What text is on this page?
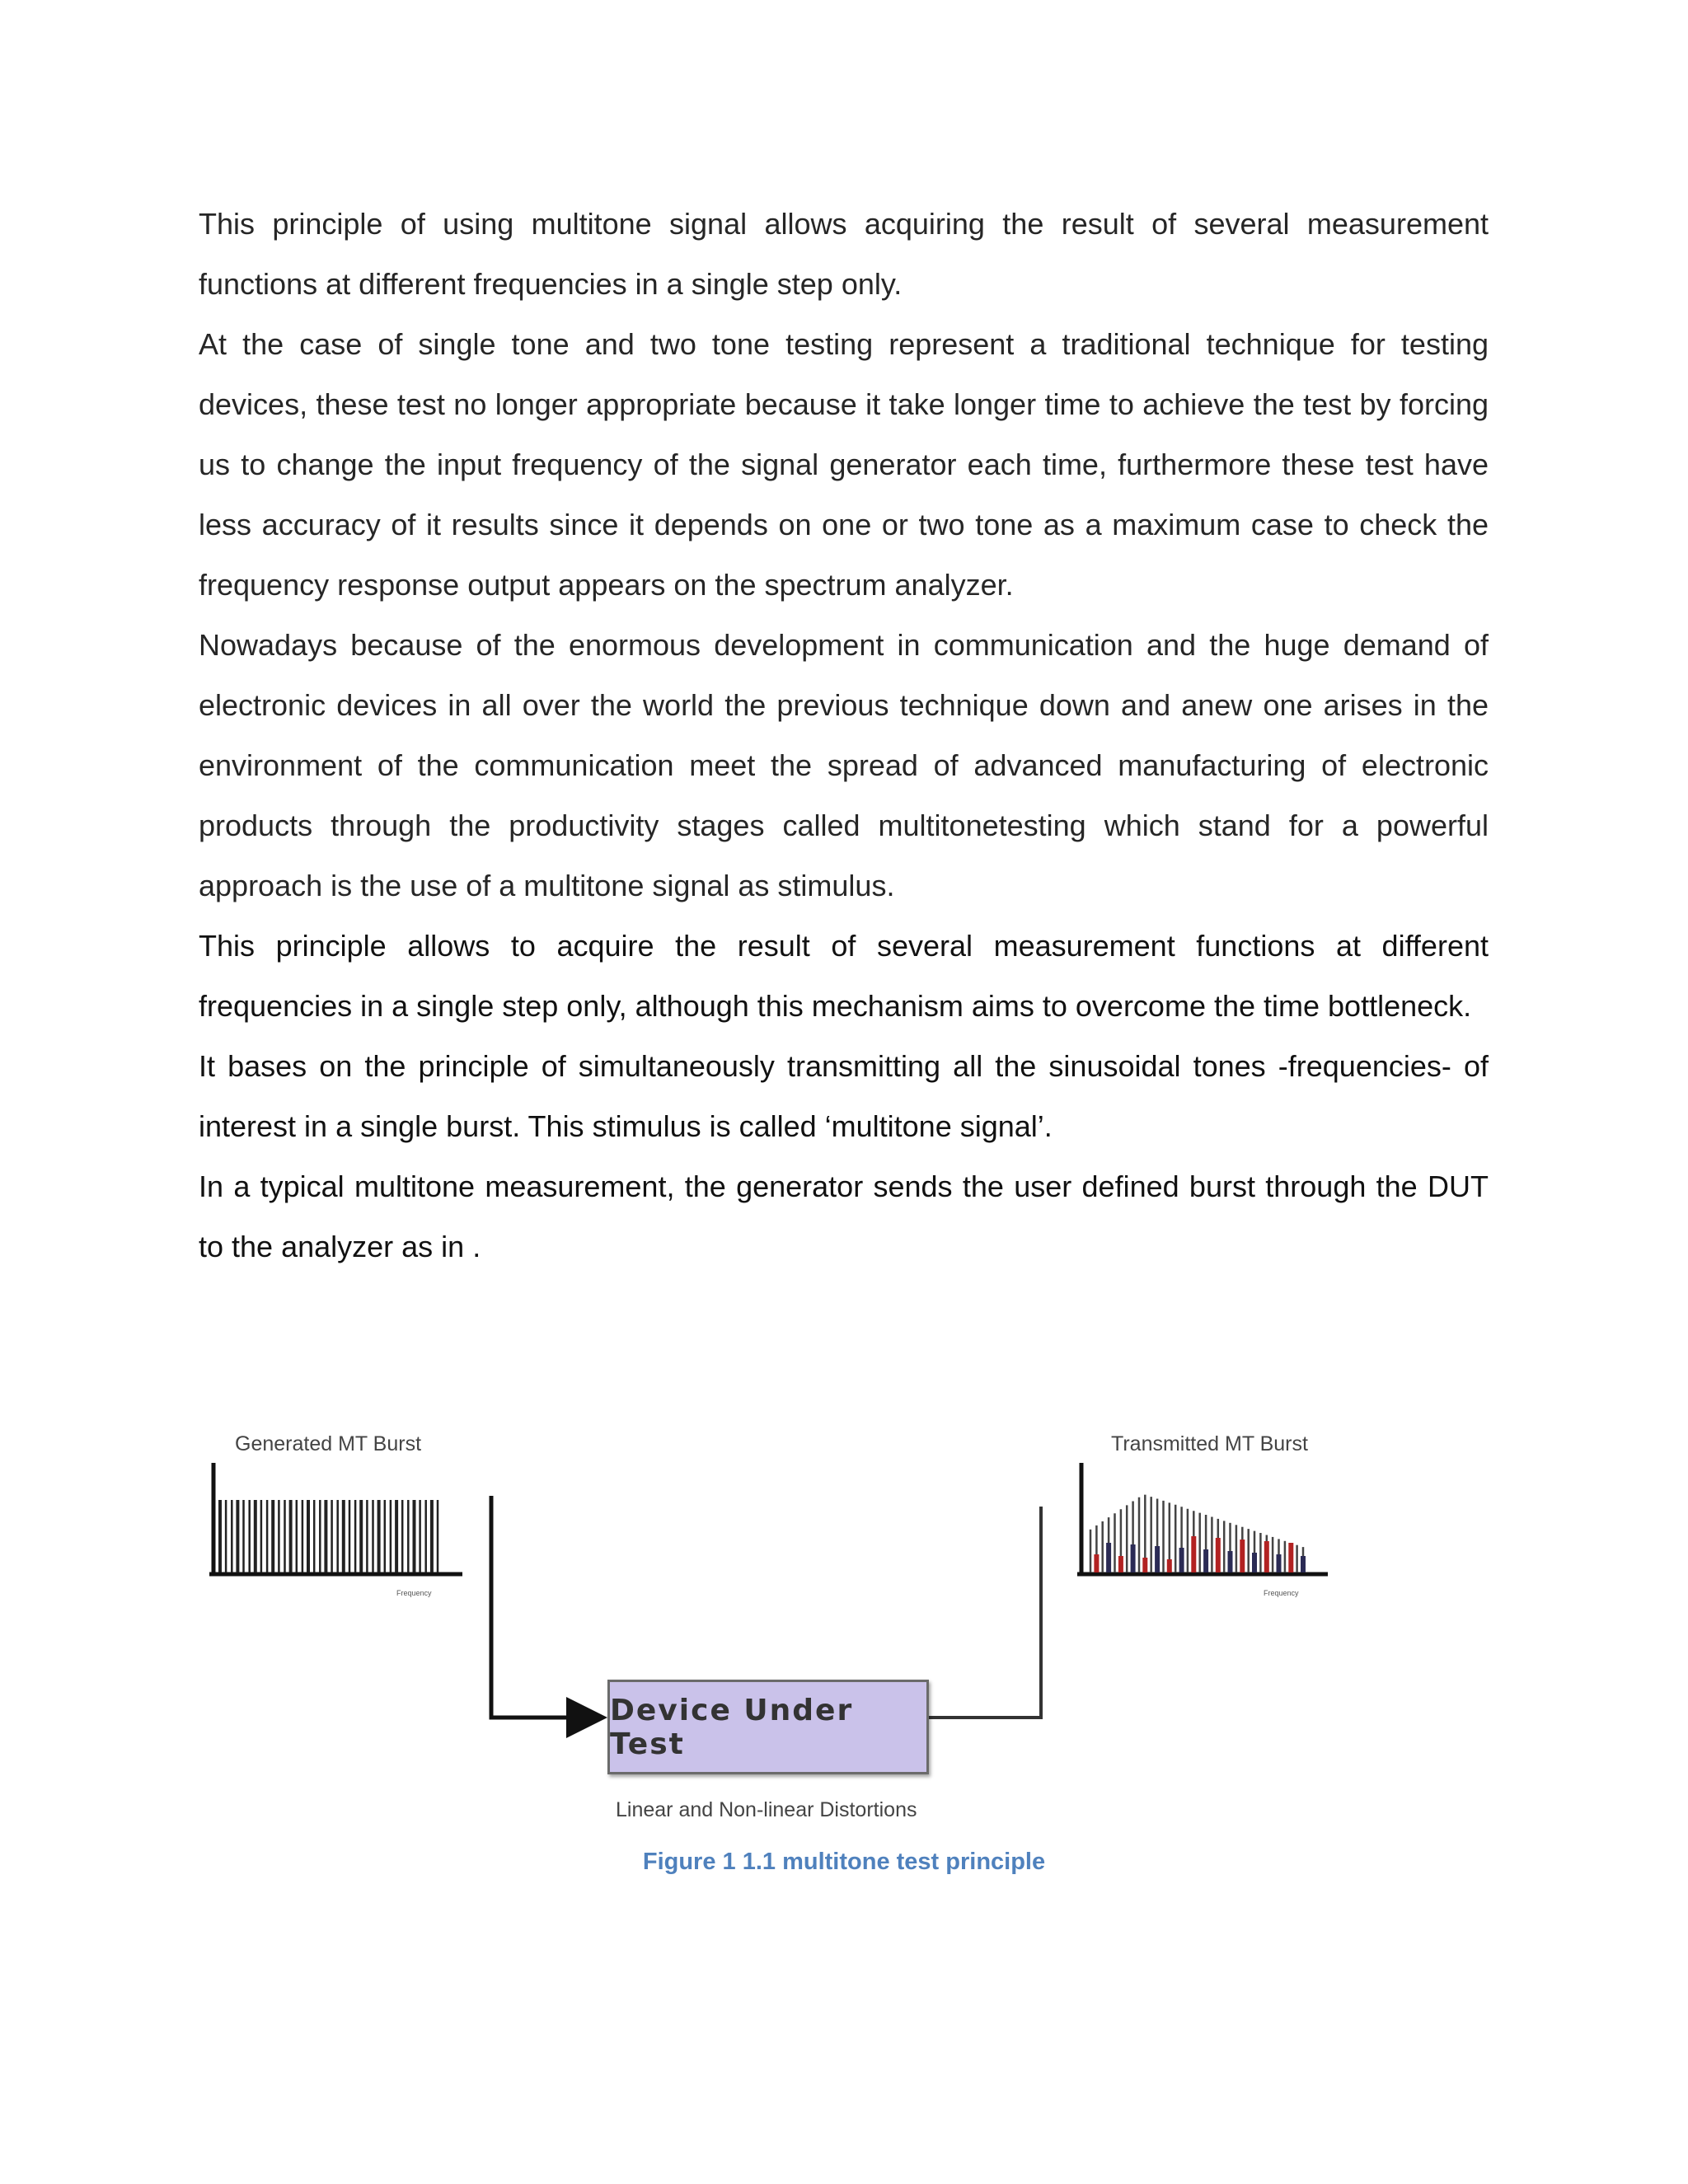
This principle of using multitone signal allows acquiring the result of several measurement functions at different frequencies in a single step only.

At the case of single tone and two tone testing represent a traditional technique for testing devices, these test no longer appropriate because it take longer time to achieve the test by forcing us to change the input frequency of the signal generator each time, furthermore these test have less accuracy of it results since it depends on one or two tone as a maximum case to check the frequency response output appears on the spectrum analyzer.

Nowadays because of the enormous development in communication and the huge demand of electronic devices in all over the world the previous technique down and anew one arises in the environment of the communication meet the spread of advanced manufacturing of electronic products through the productivity stages called multitonetesting which stand for a powerful approach is the use of a multitone signal as stimulus.

This principle allows to acquire the result of several measurement functions at different frequencies in a single step only, although this mechanism aims to overcome the time bottleneck.

It bases on the principle of simultaneously transmitting all the sinusoidal tones -frequencies- of interest in a single burst. This stimulus is called ‘multitone signal’.

In a typical multitone measurement, the generator sends the user defined burst through the DUT to the analyzer as in .

Generated MT Burst	Transmitted MT Burst
Frequency	Frequency
Device Under Test
Linear and Non-linear Distortions
Figure 1 1.1 multitone test principle
